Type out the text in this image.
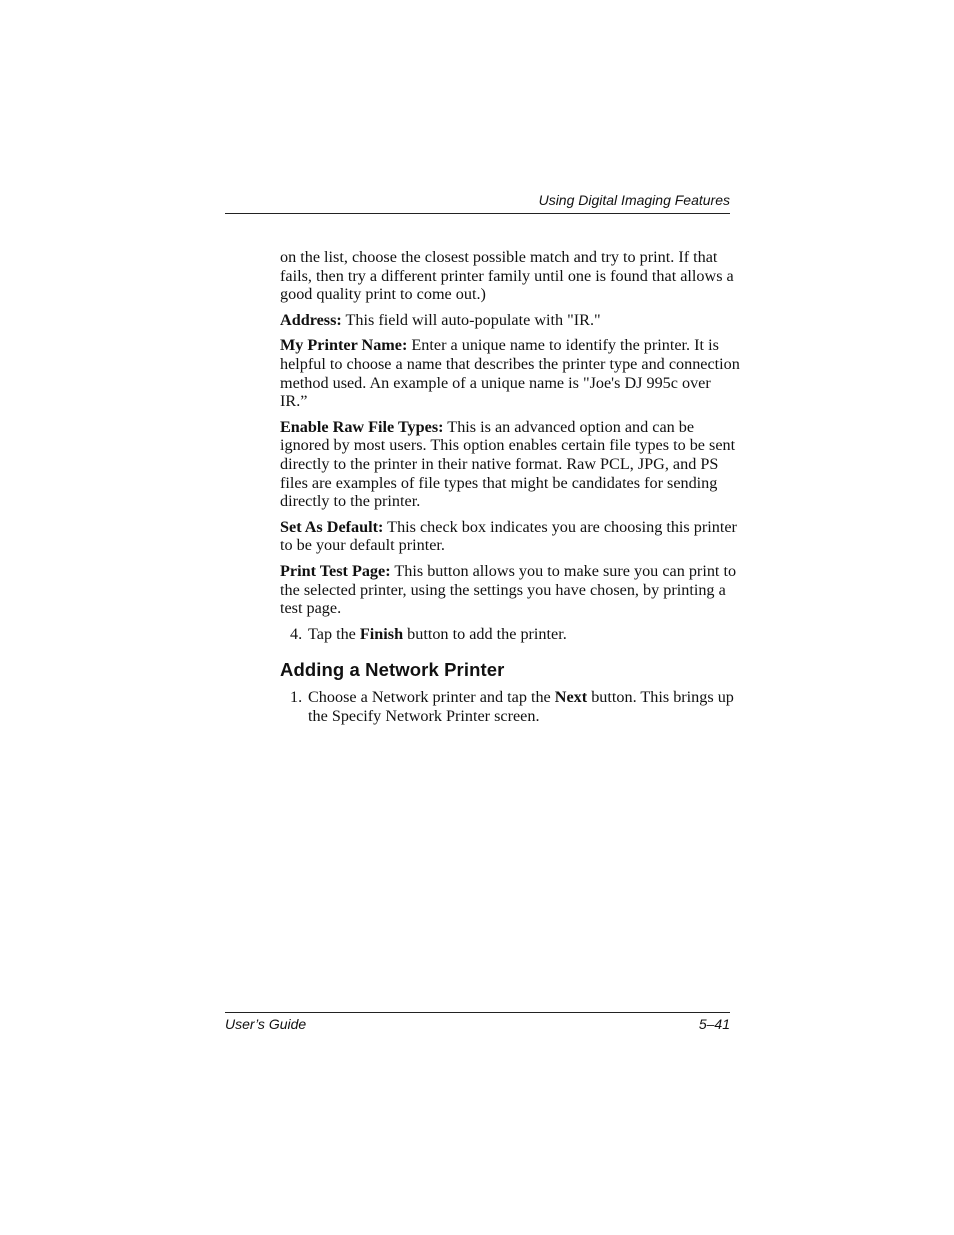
Using Digital Imaging Features

on the list, choose the closest possible match and try to print. If that fails, then try a different printer family until one is found that allows a good quality print to come out.)

Address: This field will auto-populate with "IR."

My Printer Name: Enter a unique name to identify the printer. It is helpful to choose a name that describes the printer type and connection method used. An example of a unique name is "Joe's DJ 995c over IR.”

Enable Raw File Types: This is an advanced option and can be ignored by most users. This option enables certain file types to be sent directly to the printer in their native format. Raw PCL, JPG, and PS files are examples of file types that might be candidates for sending directly to the printer.

Set As Default: This check box indicates you are choosing this printer to be your default printer.

Print Test Page: This button allows you to make sure you can print to the selected printer, using the settings you have chosen, by printing a test page.

4. Tap the Finish button to add the printer.

Adding a Network Printer

1. Choose a Network printer and tap the Next button. This brings up the Specify Network Printer screen.

User’s Guide	5–41
